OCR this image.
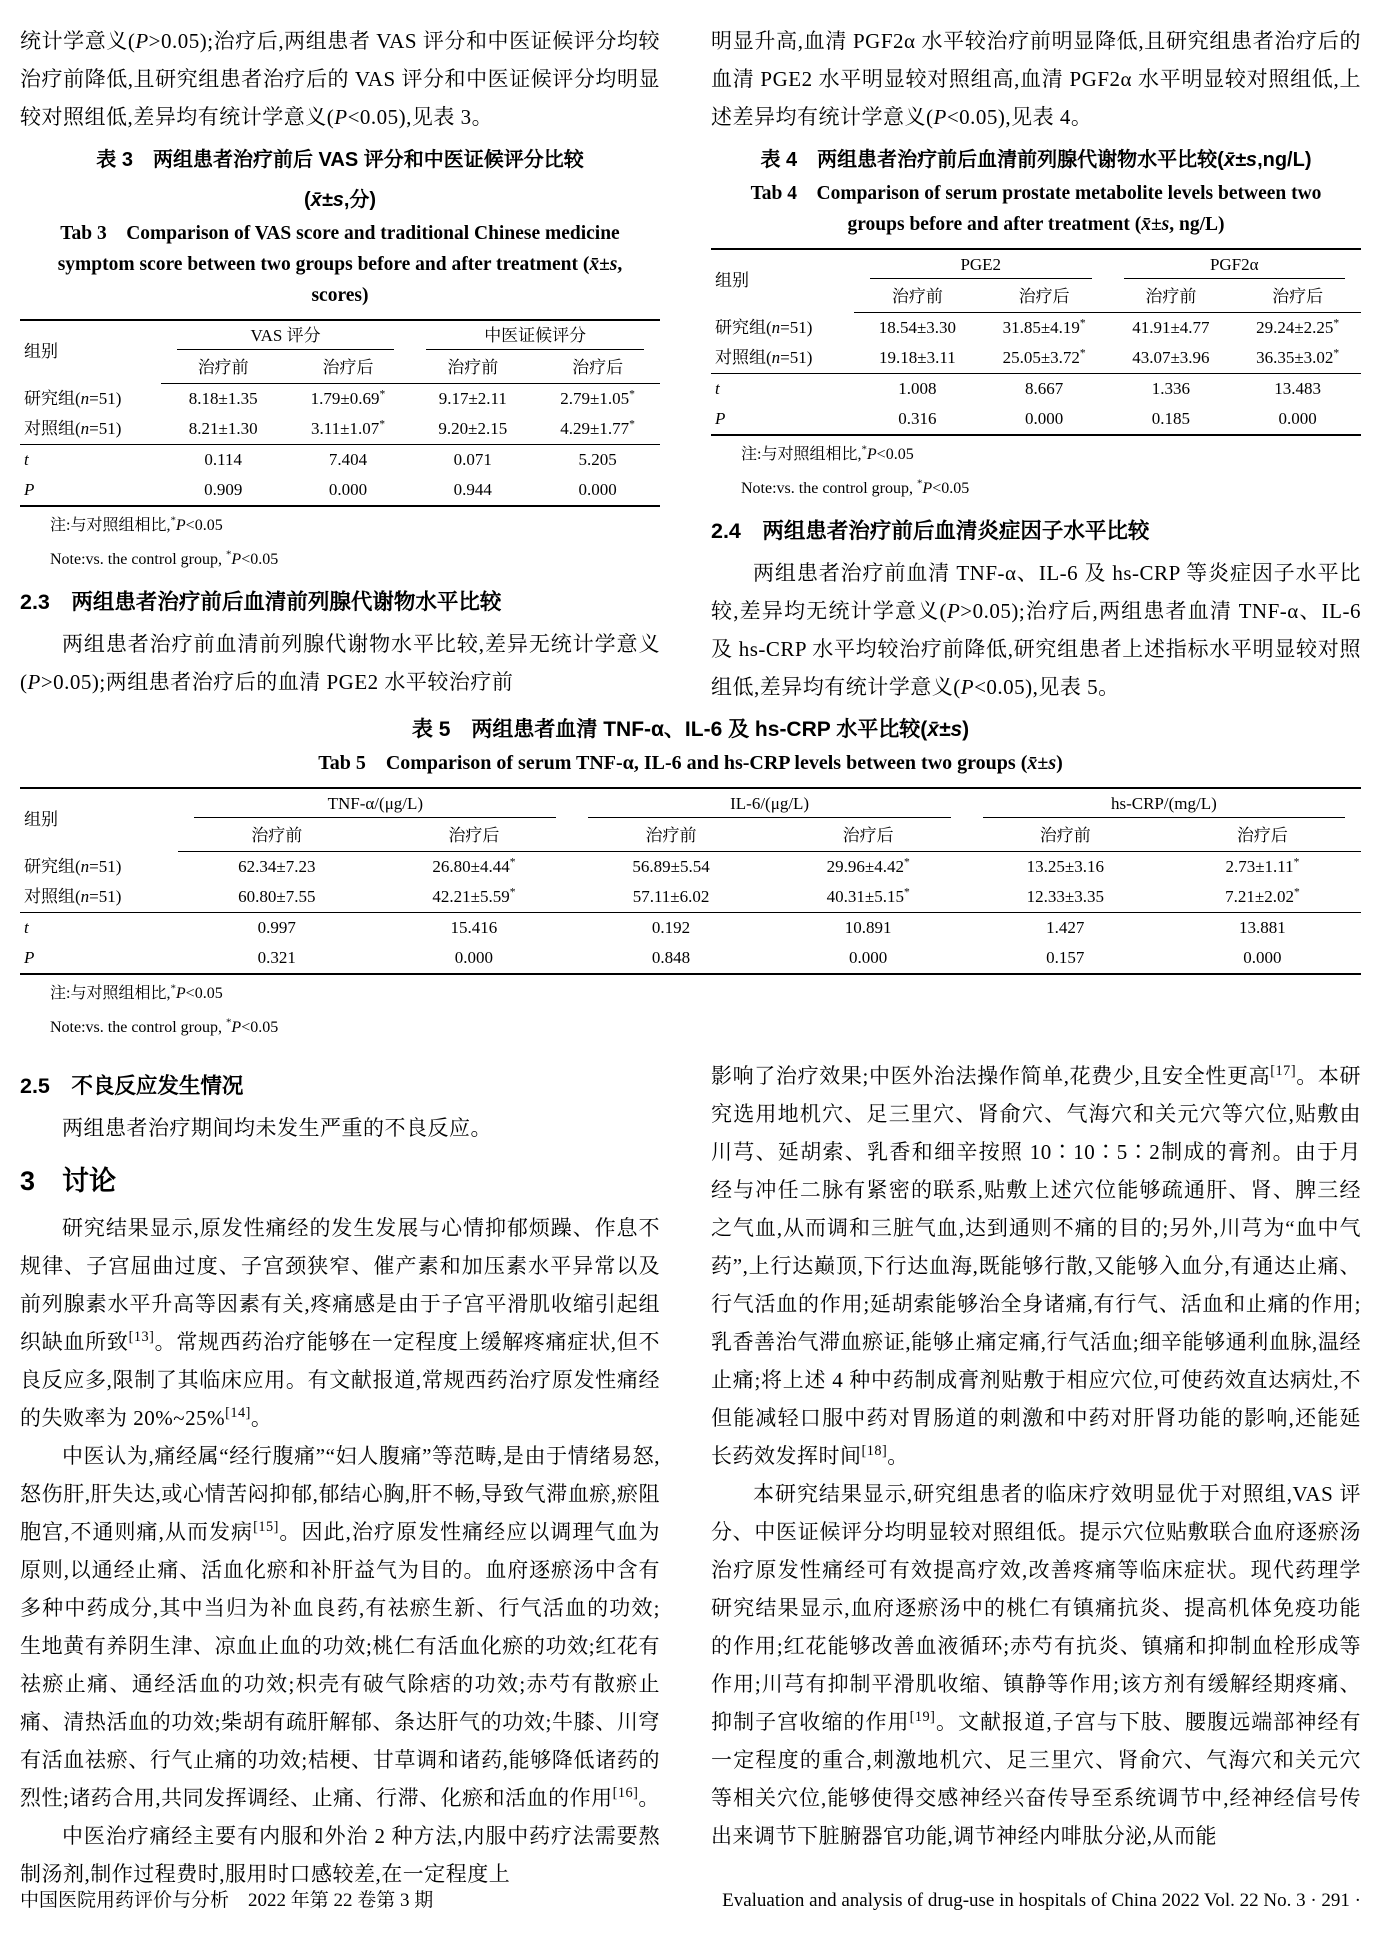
统计学意义(P>0.05);治疗后,两组患者 VAS 评分和中医证候评分均较治疗前降低,且研究组患者治疗后的 VAS 评分和中医证候评分均明显较对照组低,差异均有统计学意义(P<0.05),见表 3。

表 3　两组患者治疗前后 VAS 评分和中医证候评分比较
(x̄±s,分)
Tab 3　Comparison of VAS score and traditional Chinese medicine symptom score between two groups before and after treatment (x̄±s, scores)
组别	VAS 评分		中医证候评分	

	治疗前	治疗后	治疗前	治疗后
研究组(n=51)	8.18±1.35	1.79±0.69*	9.17±2.11	2.79±1.05*
对照组(n=51)	8.21±1.30	3.11±1.07*	9.20±2.15	4.29±1.77*
t	0.114	7.404	0.071	5.205
P	0.909	0.000	0.944	0.000
注:与对照组相比,*P<0.05
Note:vs. the control group, *P<0.05
2.3　两组患者治疗前后血清前列腺代谢物水平比较

两组患者治疗前血清前列腺代谢物水平比较,差异无统计学意义(P>0.05);两组患者治疗后的血清 PGE2 水平较治疗前

明显升高,血清 PGF2α 水平较治疗前明显降低,且研究组患者治疗后的血清 PGE2 水平明显较对照组高,血清 PGF2α 水平明显较对照组低,上述差异均有统计学意义(P<0.05),见表 4。

表 4　两组患者治疗前后血清前列腺代谢物水平比较(x̄±s,ng/L)
Tab 4　Comparison of serum prostate metabolite levels between two groups before and after treatment (x̄±s, ng/L)
组别	PGE2		PGF2α	

	治疗前	治疗后	治疗前	治疗后
研究组(n=51)	18.54±3.30	31.85±4.19*	41.91±4.77	29.24±2.25*
对照组(n=51)	19.18±3.11	25.05±3.72*	43.07±3.96	36.35±3.02*
t	1.008	8.667	1.336	13.483
P	0.316	0.000	0.185	0.000
注:与对照组相比,*P<0.05
Note:vs. the control group, *P<0.05
2.4　两组患者治疗前后血清炎症因子水平比较

两组患者治疗前血清 TNF-α、IL-6 及 hs-CRP 等炎症因子水平比较,差异均无统计学意义(P>0.05);治疗后,两组患者血清 TNF-α、IL-6 及 hs-CRP 水平均较治疗前降低,研究组患者上述指标水平明显较对照组低,差异均有统计学意义(P<0.05),见表 5。

表 5　两组患者血清 TNF-α、IL-6 及 hs-CRP 水平比较(x̄±s)
Tab 5　Comparison of serum TNF-α, IL-6 and hs-CRP levels between two groups (x̄±s)
组别	TNF-α/(μg/L)		IL-6/(μg/L)		hs-CRP/(mg/L)	

	治疗前	治疗后	治疗前	治疗后	治疗前	治疗后
研究组(n=51)	62.34±7.23	26.80±4.44*	56.89±5.54	29.96±4.42*	13.25±3.16	2.73±1.11*
对照组(n=51)	60.80±7.55	42.21±5.59*	57.11±6.02	40.31±5.15*	12.33±3.35	7.21±2.02*
t	0.997	15.416	0.192	10.891	1.427	13.881
P	0.321	0.000	0.848	0.000	0.157	0.000
注:与对照组相比,*P<0.05
Note:vs. the control group, *P<0.05
2.5　不良反应发生情况

两组患者治疗期间均未发生严重的不良反应。

3　讨论

研究结果显示,原发性痛经的发生发展与心情抑郁烦躁、作息不规律、子宫屈曲过度、子宫颈狭窄、催产素和加压素水平异常以及前列腺素水平升高等因素有关,疼痛感是由于子宫平滑肌收缩引起组织缺血所致[13]。常规西药治疗能够在一定程度上缓解疼痛症状,但不良反应多,限制了其临床应用。有文献报道,常规西药治疗原发性痛经的失败率为 20%~25%[14]。

中医认为,痛经属“经行腹痛”“妇人腹痛”等范畴,是由于情绪易怒,怒伤肝,肝失达,或心情苦闷抑郁,郁结心胸,肝不畅,导致气滞血瘀,瘀阻胞宫,不通则痛,从而发病[15]。因此,治疗原发性痛经应以调理气血为原则,以通经止痛、活血化瘀和补肝益气为目的。血府逐瘀汤中含有多种中药成分,其中当归为补血良药,有祛瘀生新、行气活血的功效;生地黄有养阴生津、凉血止血的功效;桃仁有活血化瘀的功效;红花有祛瘀止痛、通经活血的功效;枳壳有破气除痞的功效;赤芍有散瘀止痛、清热活血的功效;柴胡有疏肝解郁、条达肝气的功效;牛膝、川穹有活血祛瘀、行气止痛的功效;桔梗、甘草调和诸药,能够降低诸药的烈性;诸药合用,共同发挥调经、止痛、行滞、化瘀和活血的作用[16]。

中医治疗痛经主要有内服和外治 2 种方法,内服中药疗法需要熬制汤剂,制作过程费时,服用时口感较差,在一定程度上

影响了治疗效果;中医外治法操作简单,花费少,且安全性更高[17]。本研究选用地机穴、足三里穴、肾俞穴、气海穴和关元穴等穴位,贴敷由川芎、延胡索、乳香和细辛按照 10∶10∶5∶2制成的膏剂。由于月经与冲任二脉有紧密的联系,贴敷上述穴位能够疏通肝、肾、脾三经之气血,从而调和三脏气血,达到通则不痛的目的;另外,川芎为“血中气药”,上行达巅顶,下行达血海,既能够行散,又能够入血分,有通达止痛、行气活血的作用;延胡索能够治全身诸痛,有行气、活血和止痛的作用;乳香善治气滞血瘀证,能够止痛定痛,行气活血;细辛能够通利血脉,温经止痛;将上述 4 种中药制成膏剂贴敷于相应穴位,可使药效直达病灶,不但能减轻口服中药对胃肠道的刺激和中药对肝肾功能的影响,还能延长药效发挥时间[18]。

本研究结果显示,研究组患者的临床疗效明显优于对照组,VAS 评分、中医证候评分均明显较对照组低。提示穴位贴敷联合血府逐瘀汤治疗原发性痛经可有效提高疗效,改善疼痛等临床症状。现代药理学研究结果显示,血府逐瘀汤中的桃仁有镇痛抗炎、提高机体免疫功能的作用;红花能够改善血液循环;赤芍有抗炎、镇痛和抑制血栓形成等作用;川芎有抑制平滑肌收缩、镇静等作用;该方剂有缓解经期疼痛、抑制子宫收缩的作用[19]。文献报道,子宫与下肢、腰腹远端部神经有一定程度的重合,刺激地机穴、足三里穴、肾俞穴、气海穴和关元穴等相关穴位,能够使得交感神经兴奋传导至系统调节中,经神经信号传出来调节下脏腑器官功能,调节神经内啡肽分泌,从而能

中国医院用药评价与分析　2022 年第 22 卷第 3 期	Evaluation and analysis of drug-use in hospitals of China 2022 Vol. 22 No. 3 · 291 ·
